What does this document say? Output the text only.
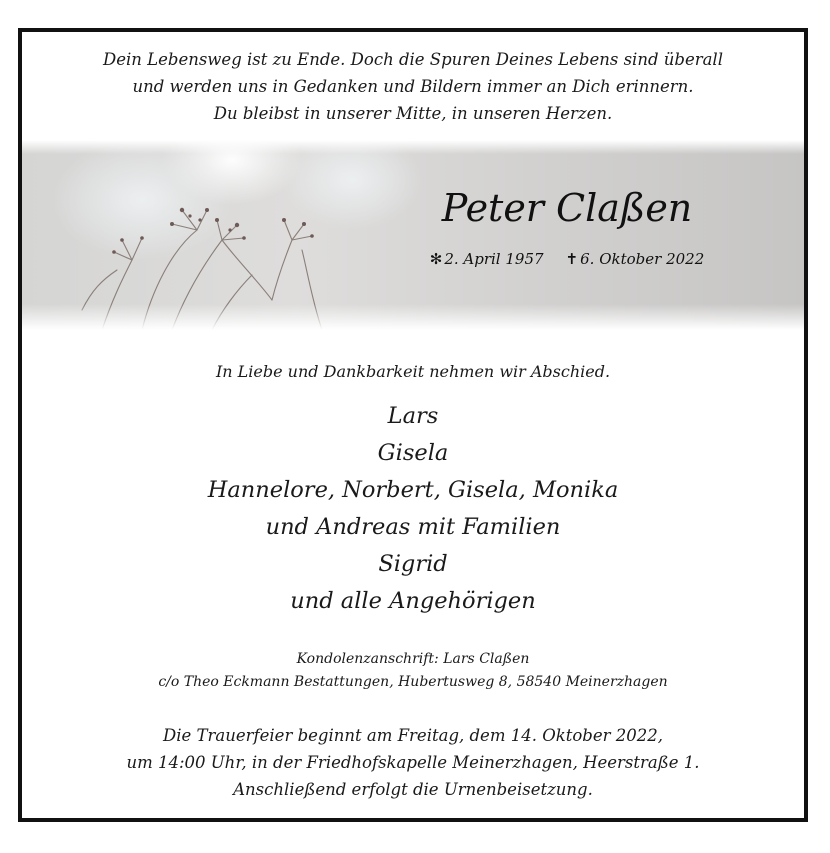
Dein Lebensweg ist zu Ende. Doch die Spuren Deines Lebens sind überall
und werden uns in Gedanken und Bildern immer an Dich erinnern.
Du bleibst in unserer Mitte, in unseren Herzen.
Peter Claßen
✻ 2. April 1957 ✝ 6. Oktober 2022
In Liebe und Dankbarkeit nehmen wir Abschied.
Lars
Gisela
Hannelore, Norbert, Gisela, Monika
und Andreas mit Familien
Sigrid
und alle Angehörigen
Kondolenzanschrift: Lars Claßen
c/o Theo Eckmann Bestattungen, Hubertusweg 8, 58540 Meinerzhagen
Die Trauerfeier beginnt am Freitag, dem 14. Oktober 2022,
um 14:00 Uhr, in der Friedhofskapelle Meinerzhagen, Heerstraße 1.
Anschließend erfolgt die Urnenbeisetzung.
